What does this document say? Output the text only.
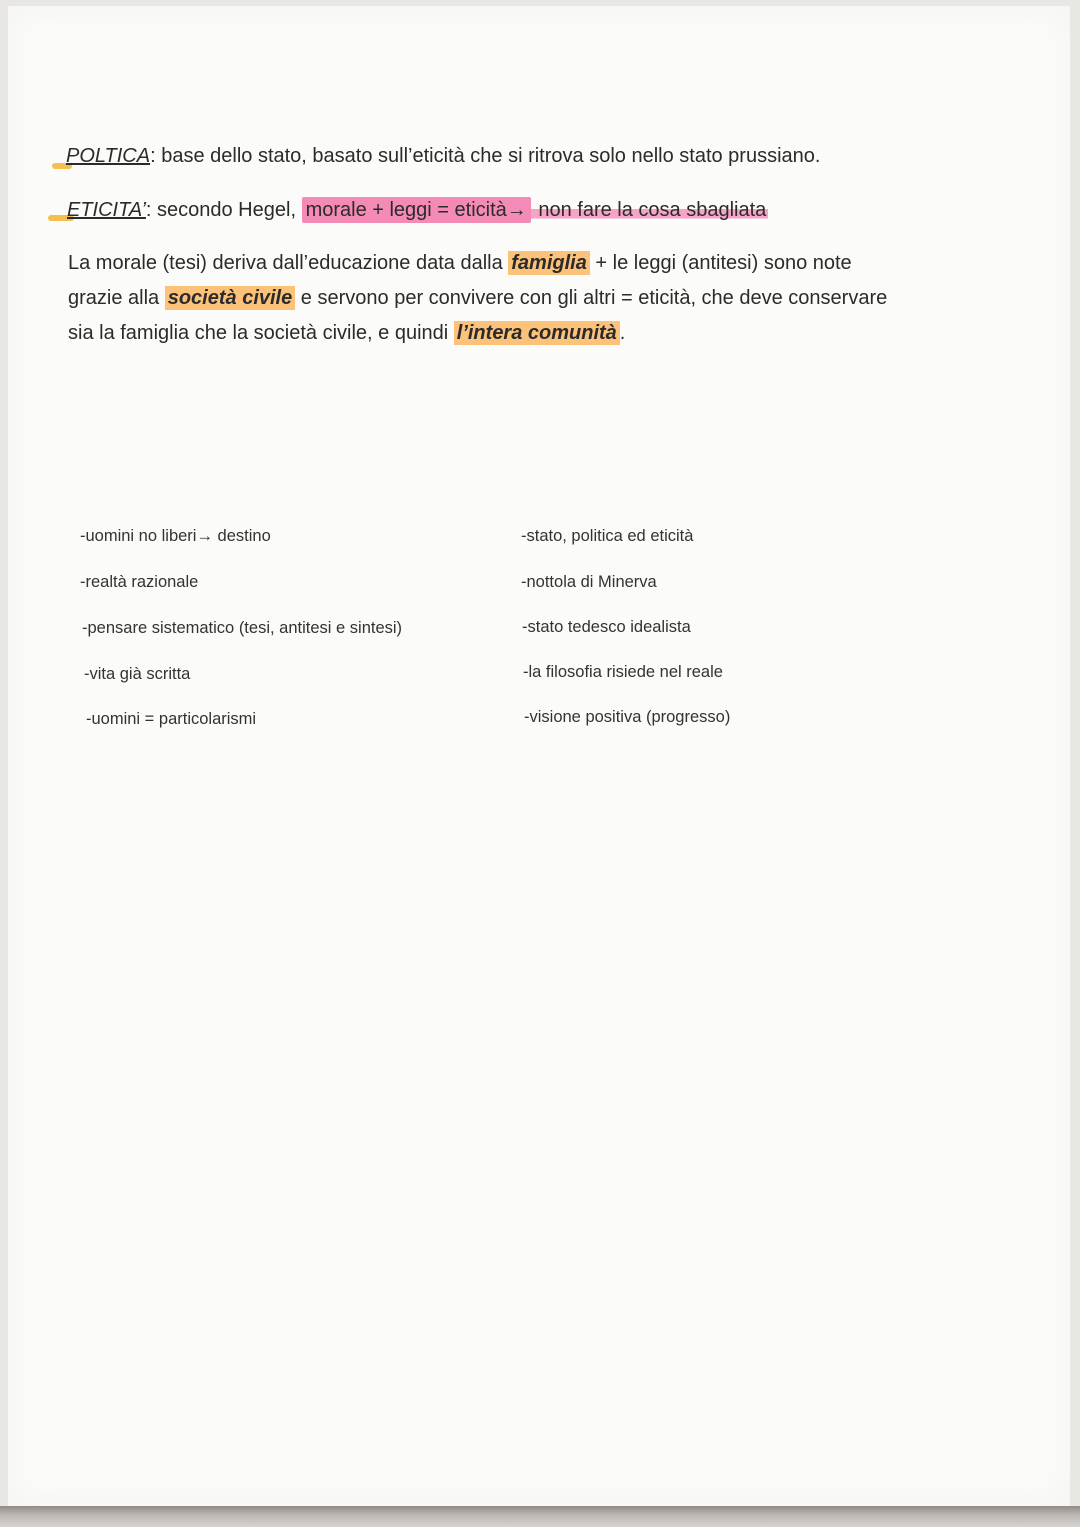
POLTICA: base dello stato, basato sull’eticità che si ritrova solo nello stato prussiano.
ETICITA’: secondo Hegel, morale + leggi = eticità→ non fare la cosa sbagliata
La morale (tesi) deriva dall’educazione data dalla famiglia + le leggi (antitesi) sono note
grazie alla società civile e servono per convivere con gli altri = eticità, che deve conservare
sia la famiglia che la società civile, e quindi l’intera comunità .
-uomini no liberi→ destino
-realtà razionale
-pensare sistematico (tesi, antitesi e sintesi)
-vita già scritta
-uomini = particolarismi
-stato, politica ed eticità
-nottola di Minerva
-stato tedesco idealista
-la filosofia risiede nel reale
-visione positiva (progresso)
